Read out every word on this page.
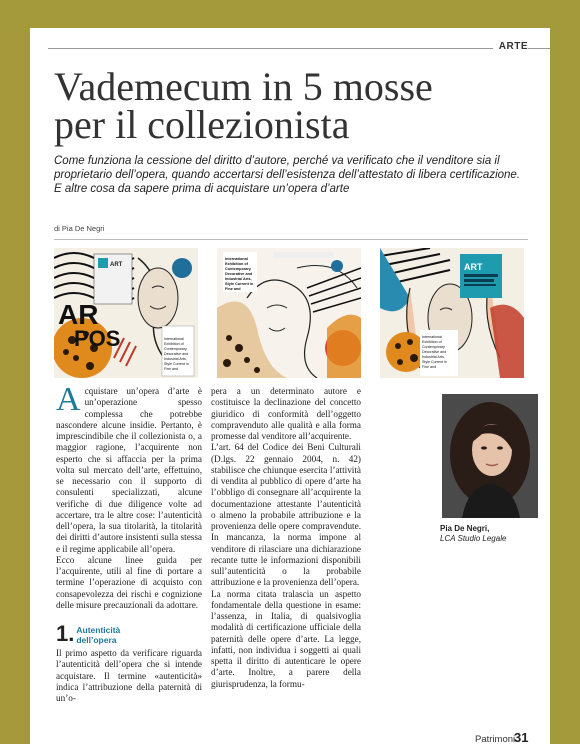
ARTE
Vademecum in 5 mosse
per il collezionista
Come funziona la cessione del diritto d’autore, perché va verificato che il venditore sia il proprietario dell’opera, quando accertarsi dell’esistenza dell’attestato di libera certificazione. E altre cosa da sapere prima di acquistare un’opera d’arte
di Pia De Negri
ART
AR
POS	International
Exhibition of
Contemporary
Decorative and
Industrial Arts,
Style Current in
Fine and
International
Exhibition of
Contemporary
Decorative and
Industrial Arts,
Style Current in
Fine and
ART
International
Exhibition of
Contemporary
Decorative and
Industrial Arts,
Style Current in
Fine and

Acquistare un’opera d’arte è un’operazione spesso complessa che potrebbe nascondere alcune insidie. Pertanto, è imprescindibile che il collezionista o, a maggior ragione, l’acquirente non esperto che si affaccia per la prima volta sul mercato dell’arte, effettuino, se necessario con il supporto di consulenti specializzati, alcune verifiche di due diligence volte ad accertare, tra le altre cose: l’autenticità dell’opera, la sua titolarità, la titolarità dei diritti d’autore insistenti sulla stessa e il regime applicabile all’opera.

Ecco alcune linee guida per l’acquirente, utili al fine di portare a termine l’operazione di acquisto con consapevolezza dei rischi e cognizione delle misure precauzionali da adottare.

1. Autenticità
dell’opera

Il primo aspetto da verificare riguarda l’autenticità dell’opera che si intende acquistare. Il termine «autenticità» indica l’attribuzione della paternità di un’o-

pera a un determinato autore e costituisce la declinazione del concetto giuridico di conformità dell’oggetto compravenduto alle qualità e alla forma promesse dal venditore all’acquirente.

L’art. 64 del Codice dei Beni Culturali (D.lgs. 22 gennaio 2004, n. 42) stabilisce che chiunque esercita l’attività di vendita al pubblico di opere d’arte ha l’obbligo di consegnare all’acquirente la documentazione attestante l’autenticità o almeno la probabile attribuzione e la provenienza delle opere compravendute. In mancanza, la norma impone al venditore di rilasciare una dichiarazione recante tutte le informazioni disponibili sull’autenticità o la probabile attribuzione e la provenienza dell’opera.

La norma citata tralascia un aspetto fondamentale della questione in esame: l’assenza, in Italia, di qualsivoglia modalità di certificazione ufficiale della paternità delle opere d’arte. La legge, infatti, non individua i soggetti ai quali spetta il diritto di autenticare le opere d’arte. Inoltre, a parere della giurisprudenza, la formu-

Pia De Negri,
LCA Studio Legale
Patrimoni
31
